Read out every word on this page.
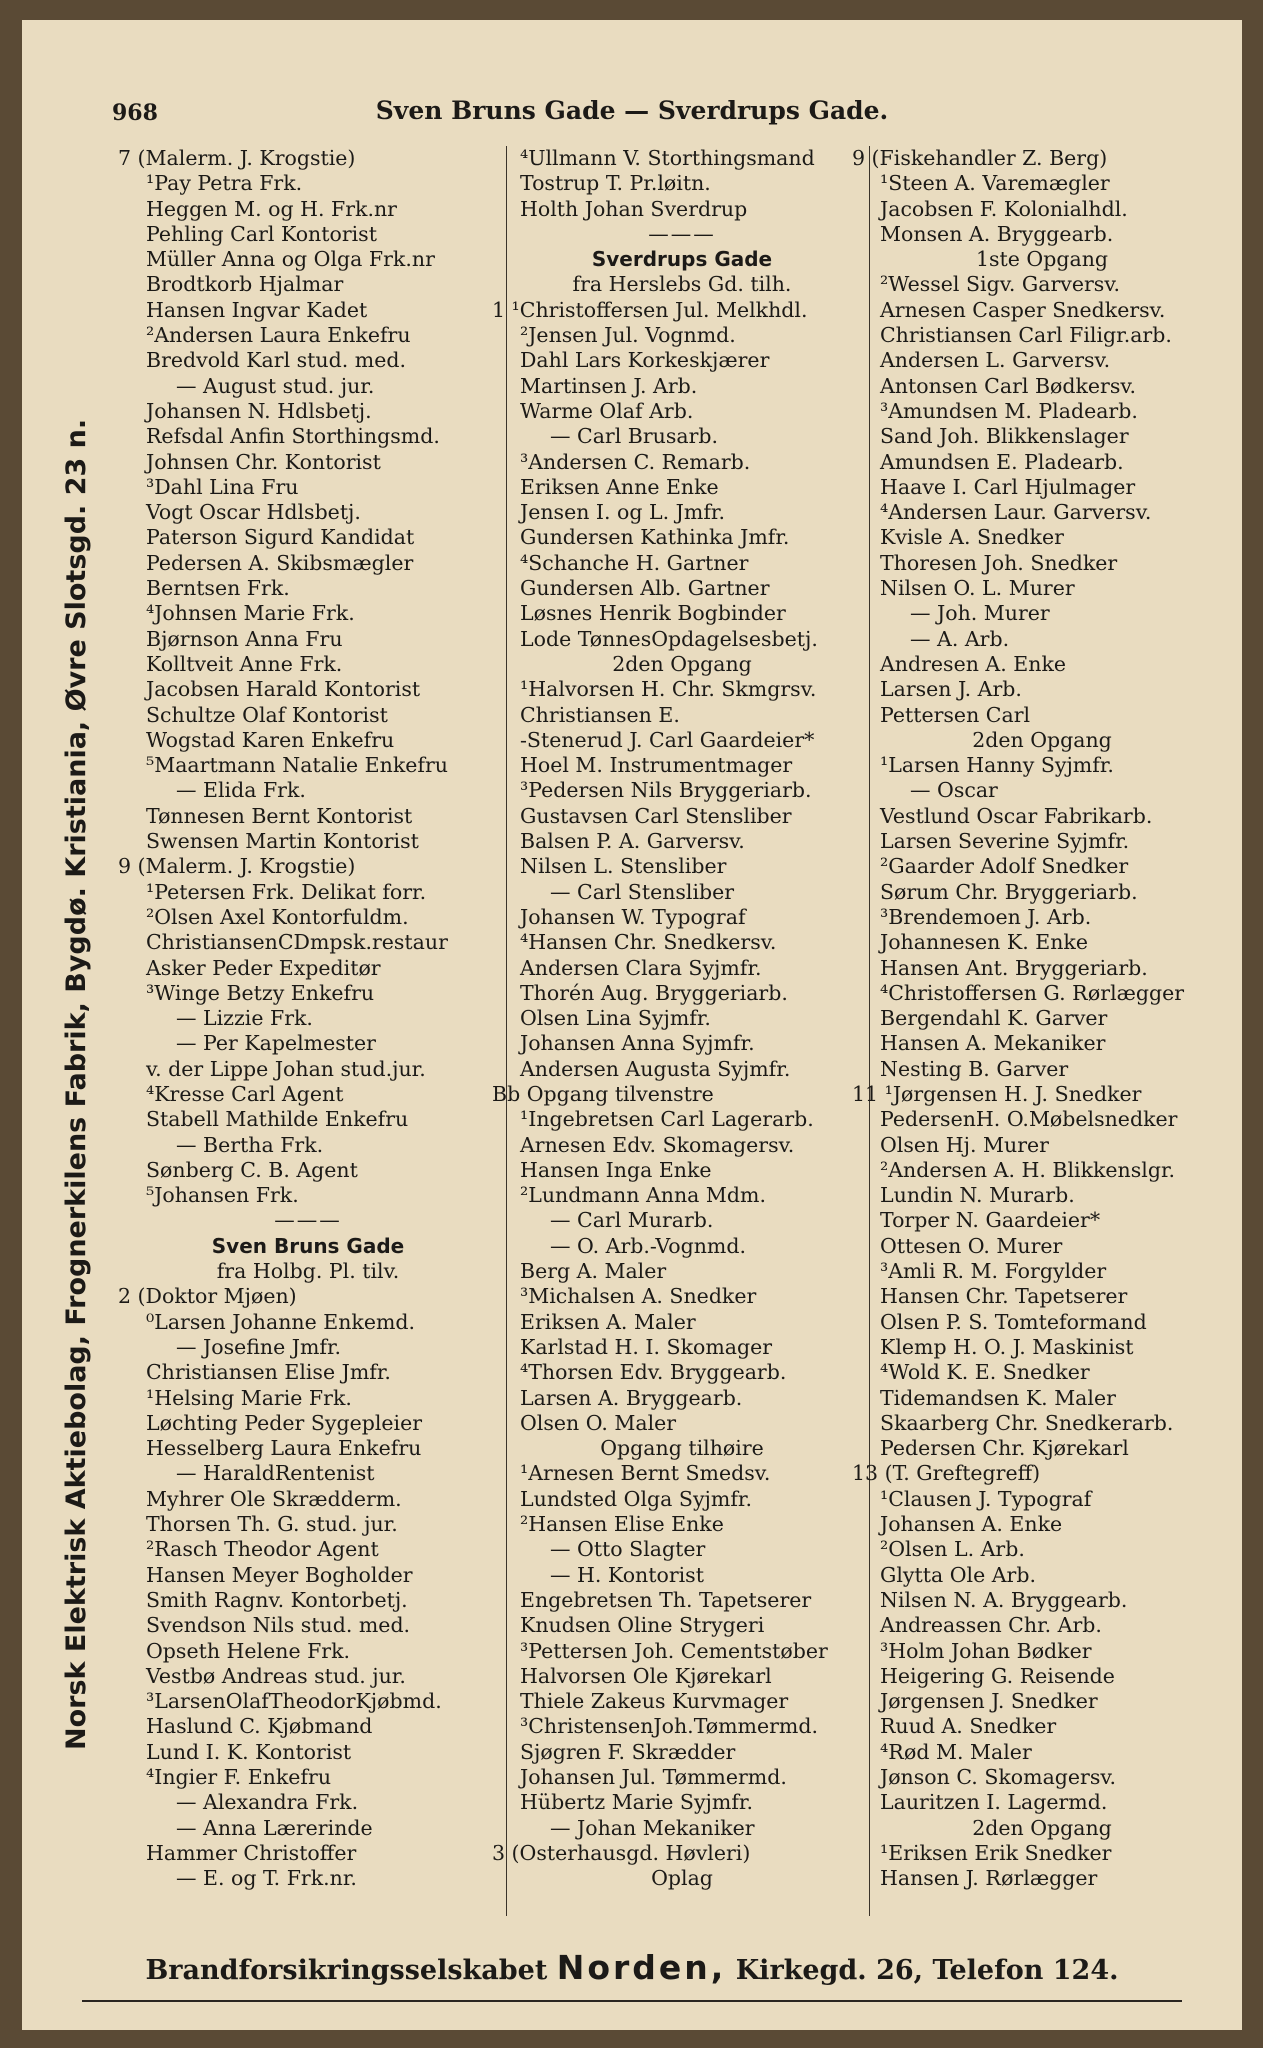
968	Sven Bruns Gade — Sverdrups Gade.
Norsk Elektrisk Aktiebolag, Frognerkilens Fabrik, Bygdø. Kristiania, Øvre Slotsgd. 23 n.
7 (Malerm. J. Krogstie)
¹Pay Petra Frk.
Heggen M. og H. Frk.nr
Pehling Carl Kontorist
Müller Anna og Olga Frk.nr
Brodtkorb Hjalmar
Hansen Ingvar Kadet
²Andersen Laura Enkefru
Bredvold Karl stud. med.
— August stud. jur.
Johansen N. Hdlsbetj.
Refsdal Anfin Storthingsmd.
Johnsen Chr. Kontorist
³Dahl Lina Fru
Vogt Oscar Hdlsbetj.
Paterson Sigurd Kandidat
Pedersen A. Skibsmægler
Berntsen Frk.
⁴Johnsen Marie Frk.
Bjørnson Anna Fru
Kolltveit Anne Frk.
Jacobsen Harald Kontorist
Schultze Olaf Kontorist
Wogstad Karen Enkefru
⁵Maartmann Natalie Enkefru
— Elida Frk.
Tønnesen Bernt Kontorist
Swensen Martin Kontorist
9 (Malerm. J. Krogstie)
¹Petersen Frk. Delikat forr.
²Olsen Axel Kontorfuldm.
ChristiansenCDmpsk.restaur
Asker Peder Expeditør
³Winge Betzy Enkefru
— Lizzie Frk.
— Per Kapelmester
v. der Lippe Johan stud.jur.
⁴Kresse Carl Agent
Stabell Mathilde Enkefru
— Bertha Frk.
Sønberg C. B. Agent
⁵Johansen Frk.
———
Sven Bruns Gade
fra Holbg. Pl. tilv.
2 (Doktor Mjøen)
⁰Larsen Johanne Enkemd.
— Josefine Jmfr.
Christiansen Elise Jmfr.
¹Helsing Marie Frk.
Løchting Peder Sygepleier
Hesselberg Laura Enkefru
— HaraldRentenist
Myhrer Ole Skrædderm.
Thorsen Th. G. stud. jur.
²Rasch Theodor Agent
Hansen Meyer Bogholder
Smith Ragnv. Kontorbetj.
Svendson Nils stud. med.
Opseth Helene Frk.
Vestbø Andreas stud. jur.
³LarsenOlafTheodorKjøbmd.
Haslund C. Kjøbmand
Lund I. K. Kontorist
⁴Ingier F. Enkefru
— Alexandra Frk.
— Anna Lærerinde
Hammer Christoffer
— E. og T. Frk.nr.
⁴Ullmann V. Storthingsmand
Tostrup T. Pr.løitn.
Holth Johan Sverdrup
———
Sverdrups Gade
fra Herslebs Gd. tilh.
1 ¹Christoffersen Jul. Melkhdl.
²Jensen Jul. Vognmd.
Dahl Lars Korkeskjærer
Martinsen J. Arb.
Warme Olaf Arb.
— Carl Brusarb.
³Andersen C. Remarb.
Eriksen Anne Enke
Jensen I. og L. Jmfr.
Gundersen Kathinka Jmfr.
⁴Schanche H. Gartner
Gundersen Alb. Gartner
Løsnes Henrik Bogbinder
Lode TønnesOpdagelsesbetj.
2den Opgang
¹Halvorsen H. Chr. Skmgrsv.
Christiansen E.
-Stenerud J. Carl Gaardeier*
Hoel M. Instrumentmager
³Pedersen Nils Bryggeriarb.
Gustavsen Carl Stensliber
Balsen P. A. Garversv.
Nilsen L. Stensliber
— Carl Stensliber
Johansen W. Typograf
⁴Hansen Chr. Snedkersv.
Andersen Clara Syjmfr.
Thorén Aug. Bryggeriarb.
Olsen Lina Syjmfr.
Johansen Anna Syjmfr.
Andersen Augusta Syjmfr.
Bb Opgang tilvenstre
¹Ingebretsen Carl Lagerarb.
Arnesen Edv. Skomagersv.
Hansen Inga Enke
²Lundmann Anna Mdm.
— Carl Murarb.
— O. Arb.-Vognmd.
Berg A. Maler
³Michalsen A. Snedker
Eriksen A. Maler
Karlstad H. I. Skomager
⁴Thorsen Edv. Bryggearb.
Larsen A. Bryggearb.
Olsen O. Maler
Opgang tilhøire
¹Arnesen Bernt Smedsv.
Lundsted Olga Syjmfr.
²Hansen Elise Enke
— Otto Slagter
— H. Kontorist
Engebretsen Th. Tapetserer
Knudsen Oline Strygeri
³Pettersen Joh. Cementstøber
Halvorsen Ole Kjørekarl
Thiele Zakeus Kurvmager
³ChristensenJoh.Tømmermd.
Sjøgren F. Skrædder
Johansen Jul. Tømmermd.
Hübertz Marie Syjmfr.
— Johan Mekaniker
3 (Osterhausgd. Høvleri)
Oplag
9 (Fiskehandler Z. Berg)
¹Steen A. Varemægler
Jacobsen F. Kolonialhdl.
Monsen A. Bryggearb.
1ste Opgang
²Wessel Sigv. Garversv.
Arnesen Casper Snedkersv.
Christiansen Carl Filigr.arb.
Andersen L. Garversv.
Antonsen Carl Bødkersv.
³Amundsen M. Pladearb.
Sand Joh. Blikkenslager
Amundsen E. Pladearb.
Haave I. Carl Hjulmager
⁴Andersen Laur. Garversv.
Kvisle A. Snedker
Thoresen Joh. Snedker
Nilsen O. L. Murer
— Joh. Murer
— A. Arb.
Andresen A. Enke
Larsen J. Arb.
Pettersen Carl
2den Opgang
¹Larsen Hanny Syjmfr.
— Oscar
Vestlund Oscar Fabrikarb.
Larsen Severine Syjmfr.
²Gaarder Adolf Snedker
Sørum Chr. Bryggeriarb.
³Brendemoen J. Arb.
Johannesen K. Enke
Hansen Ant. Bryggeriarb.
⁴Christoffersen G. Rørlægger
Bergendahl K. Garver
Hansen A. Mekaniker
Nesting B. Garver
11 ¹Jørgensen H. J. Snedker
PedersenH. O.Møbelsnedker
Olsen Hj. Murer
²Andersen A. H. Blikkenslgr.
Lundin N. Murarb.
Torper N. Gaardeier*
Ottesen O. Murer
³Amli R. M. Forgylder
Hansen Chr. Tapetserer
Olsen P. S. Tomteformand
Klemp H. O. J. Maskinist
⁴Wold K. E. Snedker
Tidemandsen K. Maler
Skaarberg Chr. Snedkerarb.
Pedersen Chr. Kjørekarl
13 (T. Greftegreff)
¹Clausen J. Typograf
Johansen A. Enke
²Olsen L. Arb.
Glytta Ole Arb.
Nilsen N. A. Bryggearb.
Andreassen Chr. Arb.
³Holm Johan Bødker
Heigering G. Reisende
Jørgensen J. Snedker
Ruud A. Snedker
⁴Rød M. Maler
Jønson C. Skomagersv.
Lauritzen I. Lagermd.
2den Opgang
¹Eriksen Erik Snedker
Hansen J. Rørlægger
Brandforsikringsselskabet Norden, Kirkegd. 26, Telefon 124.
